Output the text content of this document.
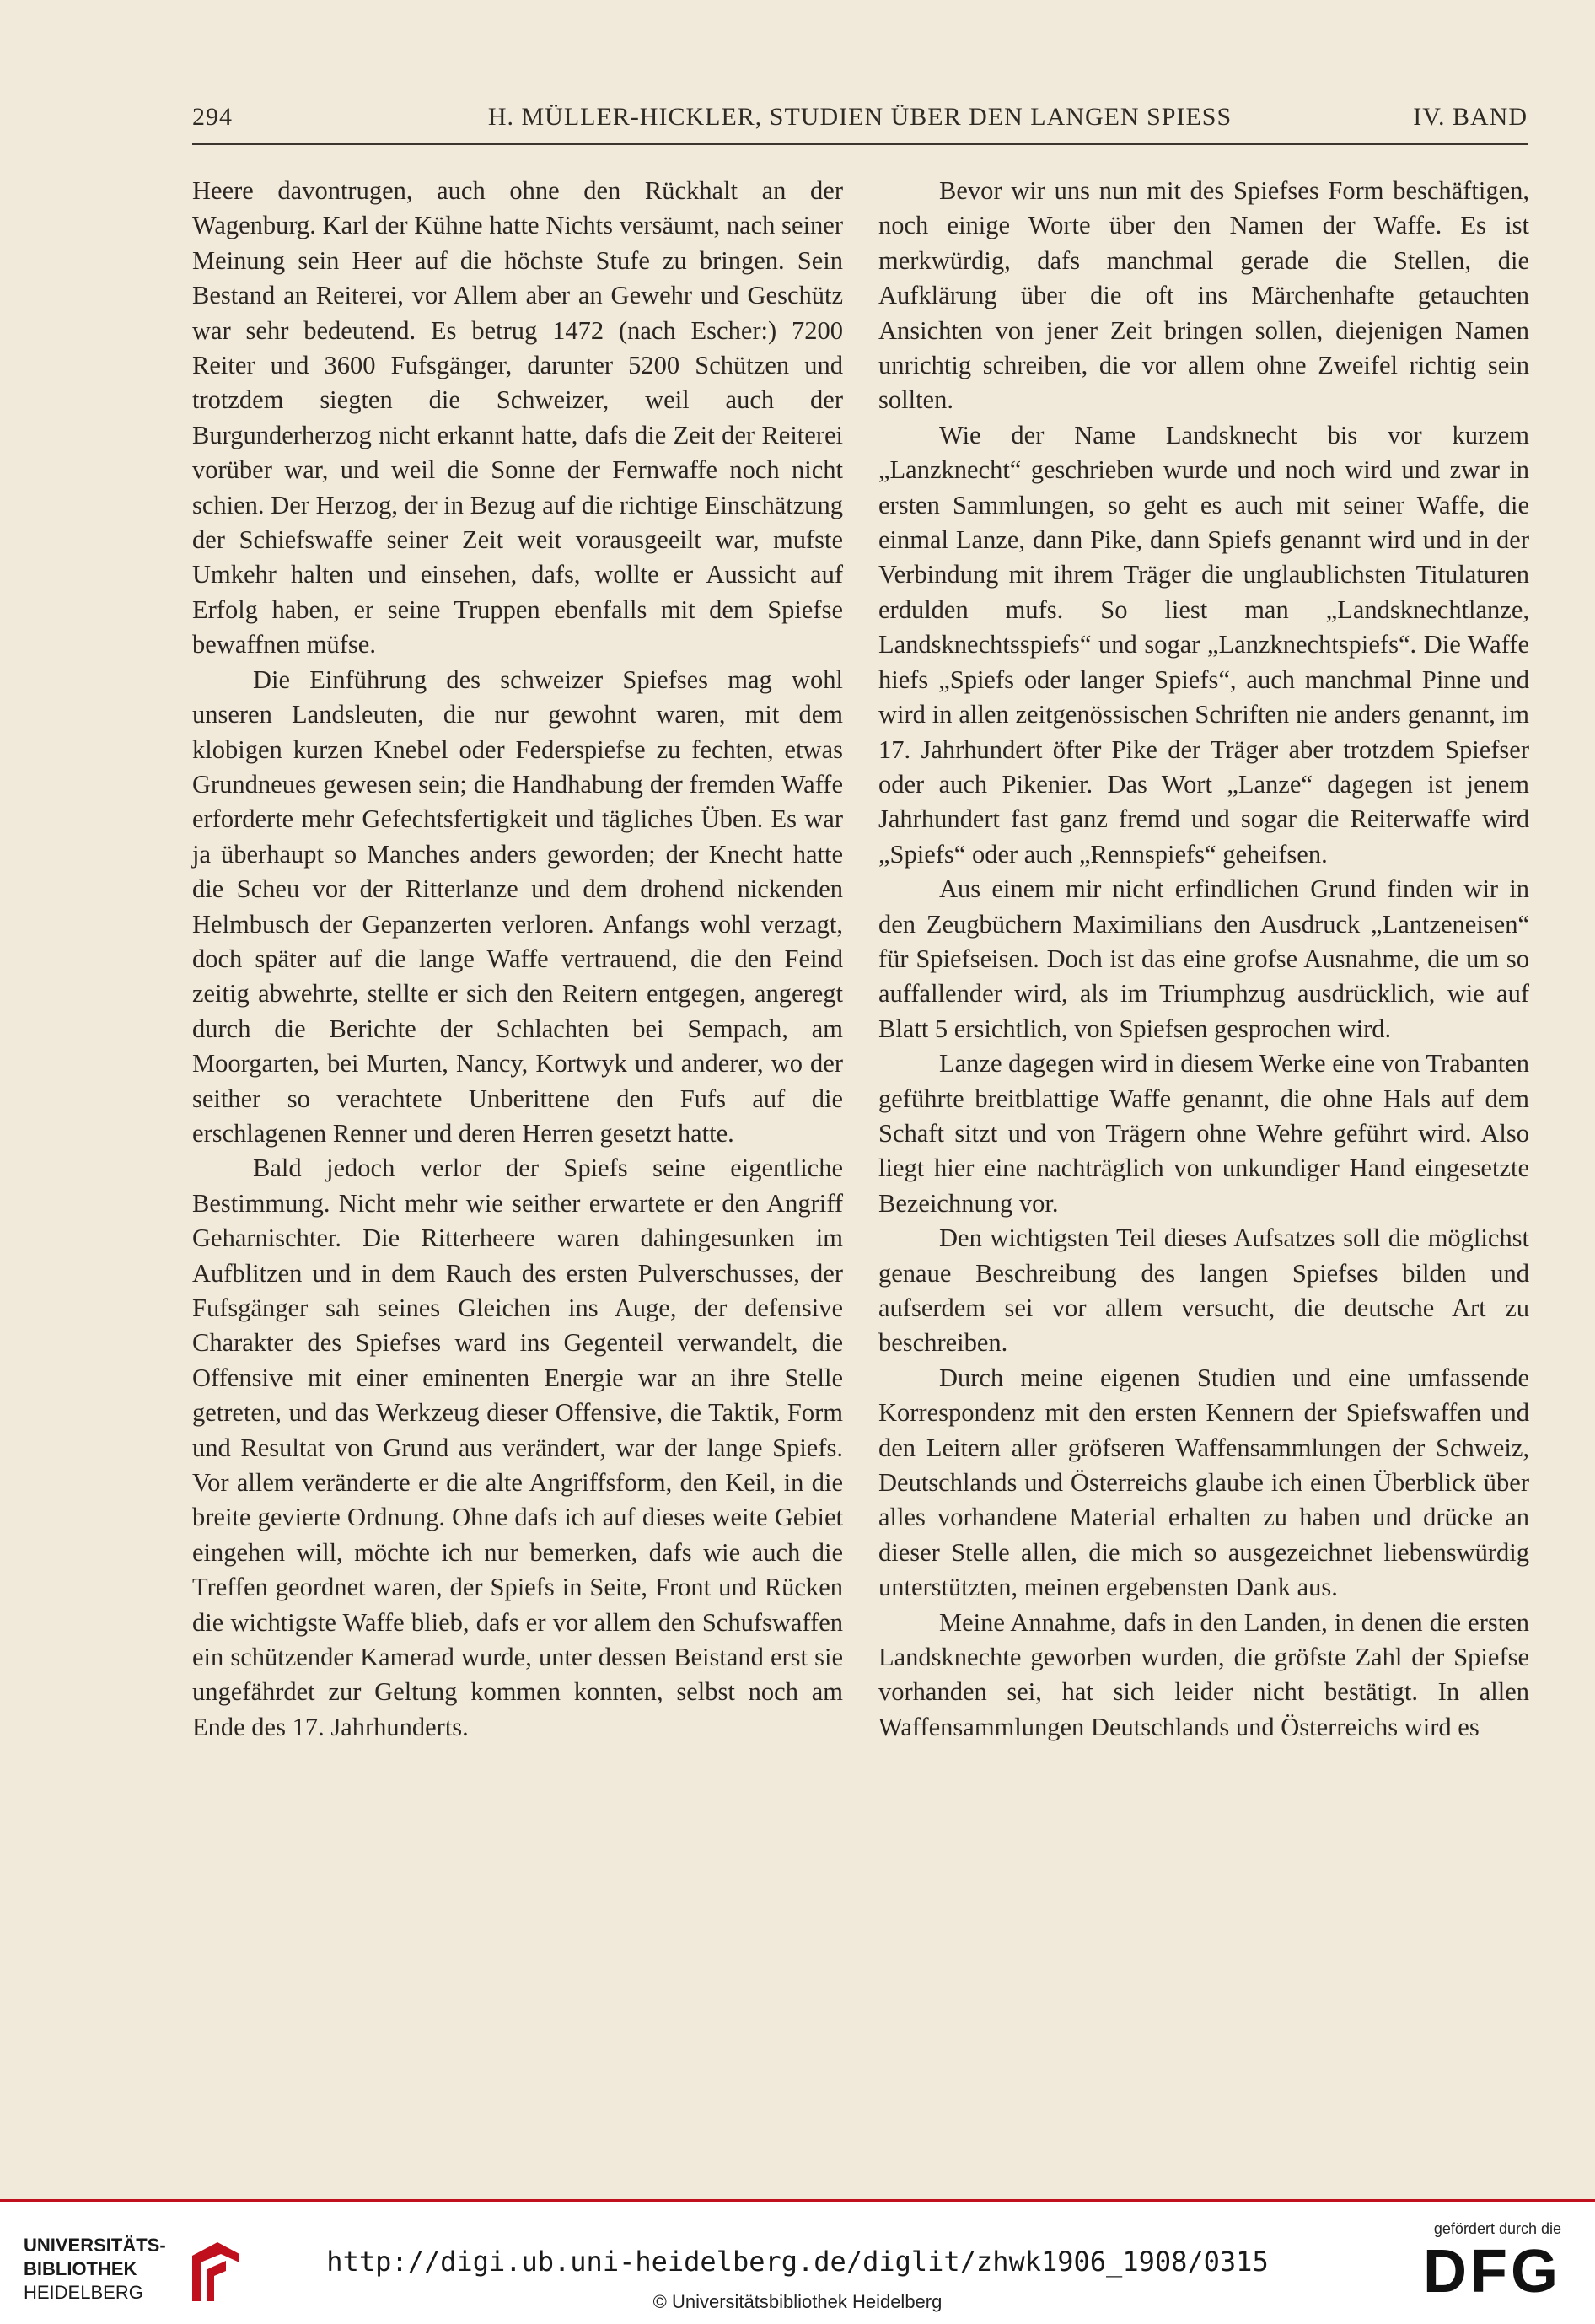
294	H. MÜLLER-HICKLER, STUDIEN ÜBER DEN LANGEN SPIESS	IV. BAND

Heere davontrugen, auch ohne den Rückhalt an der Wagenburg. Karl der Kühne hatte Nichts versäumt, nach seiner Meinung sein Heer auf die höchste Stufe zu bringen. Sein Bestand an Reiterei, vor Allem aber an Gewehr und Geschütz war sehr bedeutend. Es betrug 1472 (nach Escher:) 7200 Reiter und 3600 Fufsgänger, darunter 5200 Schützen und trotzdem siegten die Schweizer, weil auch der Burgunderherzog nicht erkannt hatte, dafs die Zeit der Reiterei vorüber war, und weil die Sonne der Fernwaffe noch nicht schien. Der Herzog, der in Bezug auf die richtige Einschätzung der Schiefswaffe seiner Zeit weit vorausgeeilt war, mufste Umkehr halten und einsehen, dafs, wollte er Aussicht auf Erfolg haben, er seine Truppen ebenfalls mit dem Spiefse bewaffnen müfse.

Die Einführung des schweizer Spiefses mag wohl unseren Landsleuten, die nur gewohnt waren, mit dem klobigen kurzen Knebel oder Federspiefse zu fechten, etwas Grundneues gewesen sein; die Handhabung der fremden Waffe erforderte mehr Gefechtsfertigkeit und tägliches Üben. Es war ja überhaupt so Manches anders geworden; der Knecht hatte die Scheu vor der Ritterlanze und dem drohend nickenden Helmbusch der Gepanzerten verloren. Anfangs wohl verzagt, doch später auf die lange Waffe vertrauend, die den Feind zeitig abwehrte, stellte er sich den Reitern entgegen, angeregt durch die Berichte der Schlachten bei Sempach, am Moorgarten, bei Murten, Nancy, Kortwyk und anderer, wo der seither so verachtete Unberittene den Fufs auf die erschlagenen Renner und deren Herren gesetzt hatte.

Bald jedoch verlor der Spiefs seine eigentliche Bestimmung. Nicht mehr wie seither erwartete er den Angriff Geharnischter. Die Ritterheere waren dahingesunken im Aufblitzen und in dem Rauch des ersten Pulverschusses, der Fufsgänger sah seines Gleichen ins Auge, der defensive Charakter des Spiefses ward ins Gegenteil verwandelt, die Offensive mit einer eminenten Energie war an ihre Stelle getreten, und das Werkzeug dieser Offensive, die Taktik, Form und Resultat von Grund aus verändert, war der lange Spiefs. Vor allem veränderte er die alte Angriffsform, den Keil, in die breite gevierte Ordnung. Ohne dafs ich auf dieses weite Gebiet eingehen will, möchte ich nur bemerken, dafs wie auch die Treffen geordnet waren, der Spiefs in Seite, Front und Rücken die wichtigste Waffe blieb, dafs er vor allem den Schufswaffen ein schützender Kamerad wurde, unter dessen Beistand erst sie ungefährdet zur Geltung kommen konnten, selbst noch am Ende des 17. Jahrhunderts.

Bevor wir uns nun mit des Spiefses Form beschäftigen, noch einige Worte über den Namen der Waffe. Es ist merkwürdig, dafs manchmal gerade die Stellen, die Aufklärung über die oft ins Märchenhafte getauchten Ansichten von jener Zeit bringen sollen, diejenigen Namen unrichtig schreiben, die vor allem ohne Zweifel richtig sein sollten.

Wie der Name Landsknecht bis vor kurzem „Lanzknecht“ geschrieben wurde und noch wird und zwar in ersten Sammlungen, so geht es auch mit seiner Waffe, die einmal Lanze, dann Pike, dann Spiefs genannt wird und in der Verbindung mit ihrem Träger die unglaublichsten Titulaturen erdulden mufs. So liest man „Landsknechtlanze, Landsknechtsspiefs“ und sogar „Lanzknechtspiefs“. Die Waffe hiefs „Spiefs oder langer Spiefs“, auch manchmal Pinne und wird in allen zeitgenössischen Schriften nie anders genannt, im 17. Jahrhundert öfter Pike der Träger aber trotzdem Spiefser oder auch Pikenier. Das Wort „Lanze“ dagegen ist jenem Jahrhundert fast ganz fremd und sogar die Reiterwaffe wird „Spiefs“ oder auch „Rennspiefs“ geheifsen.

Aus einem mir nicht erfindlichen Grund finden wir in den Zeugbüchern Maximilians den Ausdruck „Lantzeneisen“ für Spiefseisen. Doch ist das eine grofse Ausnahme, die um so auffallender wird, als im Triumphzug ausdrücklich, wie auf Blatt 5 ersichtlich, von Spiefsen gesprochen wird.

Lanze dagegen wird in diesem Werke eine von Trabanten geführte breitblattige Waffe genannt, die ohne Hals auf dem Schaft sitzt und von Trägern ohne Wehre geführt wird. Also liegt hier eine nachträglich von unkundiger Hand eingesetzte Bezeichnung vor.

Den wichtigsten Teil dieses Aufsatzes soll die möglichst genaue Beschreibung des langen Spiefses bilden und aufserdem sei vor allem versucht, die deutsche Art zu beschreiben.

Durch meine eigenen Studien und eine umfassende Korrespondenz mit den ersten Kennern der Spiefswaffen und den Leitern aller gröfseren Waffensammlungen der Schweiz, Deutschlands und Österreichs glaube ich einen Überblick über alles vorhandene Material erhalten zu haben und drücke an dieser Stelle allen, die mich so ausgezeichnet liebenswürdig unterstützten, meinen ergebensten Dank aus.

Meine Annahme, dafs in den Landen, in denen die ersten Landsknechte geworben wurden, die gröfste Zahl der Spiefse vorhanden sei, hat sich leider nicht bestätigt. In allen Waffensammlungen Deutschlands und Österreichs wird es

UNIVERSITÄTS-
BIBLIOTHEK
HEIDELBERG
http://digi.ub.uni-heidelberg.de/diglit/zhwk1906_1908/0315
© Universitätsbibliothek Heidelberg
gefördert durch die
DFG
